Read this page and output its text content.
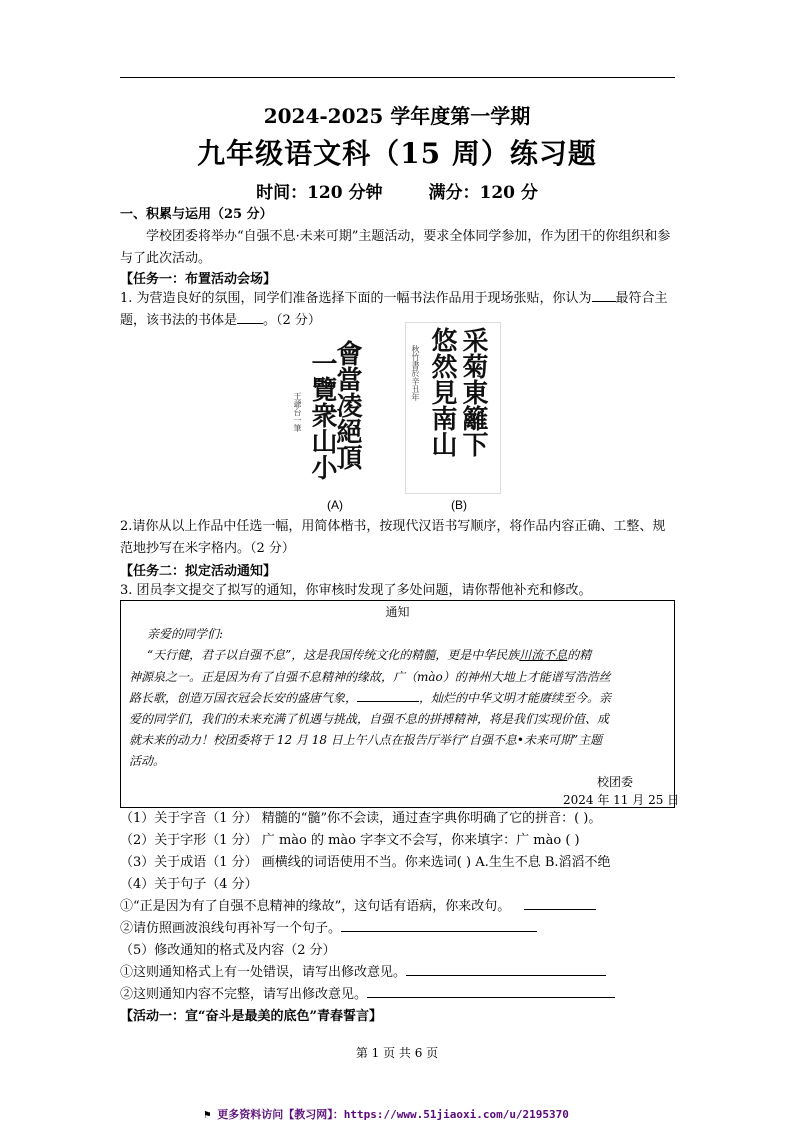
2024-2025 学年度第一学期
九年级语文科（15 周）练习题
时间：120 分钟	满分：120 分
一、积累与运用（25 分）
学校团委将举办“自强不息·未来可期”主题活动，要求全体同学参加，作为团干的你组织和参与了此次活动。
【任务一：布置活动会场】
1. 为营造良好的氛围，同学们准备选择下面的一幅书法作品用于现场张贴，你认为 最符合主题，该书法的书体是 。（2 分）
會當凌絕頂
一覽衆山小
王爺台一筆
(A)
采菊東籬下
悠然見南山
秋竹書於辛丑年
(B)
2.请你从以上作品中任选一幅，用简体楷书，按现代汉语书写顺序，将作品内容正确、工整、规范地抄写在米字格内。（2 分）
【任务二：拟定活动通知】
3. 团员李文提交了拟写的通知，你审核时发现了多处问题，请你帮他补充和修改。
通知
亲爱的同学们:
“天行健，君子以自强不息”，这是我国传统文化的精髓，更是中华民族川流不息的精
神源泉之一。正是因为有了自强不息精神的缘故，广（mào）的神州大地上才能谱写浩浩丝
路长歌，创造万国衣冠会长安的盛唐气象，	，灿烂的中华文明才能赓续至今。亲
爱的同学们，我们的未来充满了机遇与挑战，自强不息的拼搏精神，将是我们实现价值、成
就未来的动力！校团委将于 12 月 18 日上午八点在报告厅举行“自强不息•未来可期”主题
活动。
校团委
2024 年 11 月 25 日
（1）关于字音（1 分） 精髓的“髓”你不会读，通过查字典你明确了它的拼音：( )。
（2）关于字形（1 分） 广 mào 的 mào 字李文不会写，你来填字：广 mào ( )
（3）关于成语（1 分） 画横线的词语使用不当。你来选词( ) A.生生不息 B.滔滔不绝
（4）关于句子（4 分）
①“正是因为有了自强不息精神的缘故”，这句话有语病，你来改句。
②请仿照画波浪线句再补写一个句子。
（5）修改通知的格式及内容（2 分）
①这则通知格式上有一处错误，请写出修改意见。
②这则通知内容不完整，请写出修改意见。
【活动一：宣“奋斗是最美的底色”青春誓言】
第 1 页 共 6 页
⚑ 更多资料访问【教习网】：https://www.51jiaoxi.com/u/2195370
